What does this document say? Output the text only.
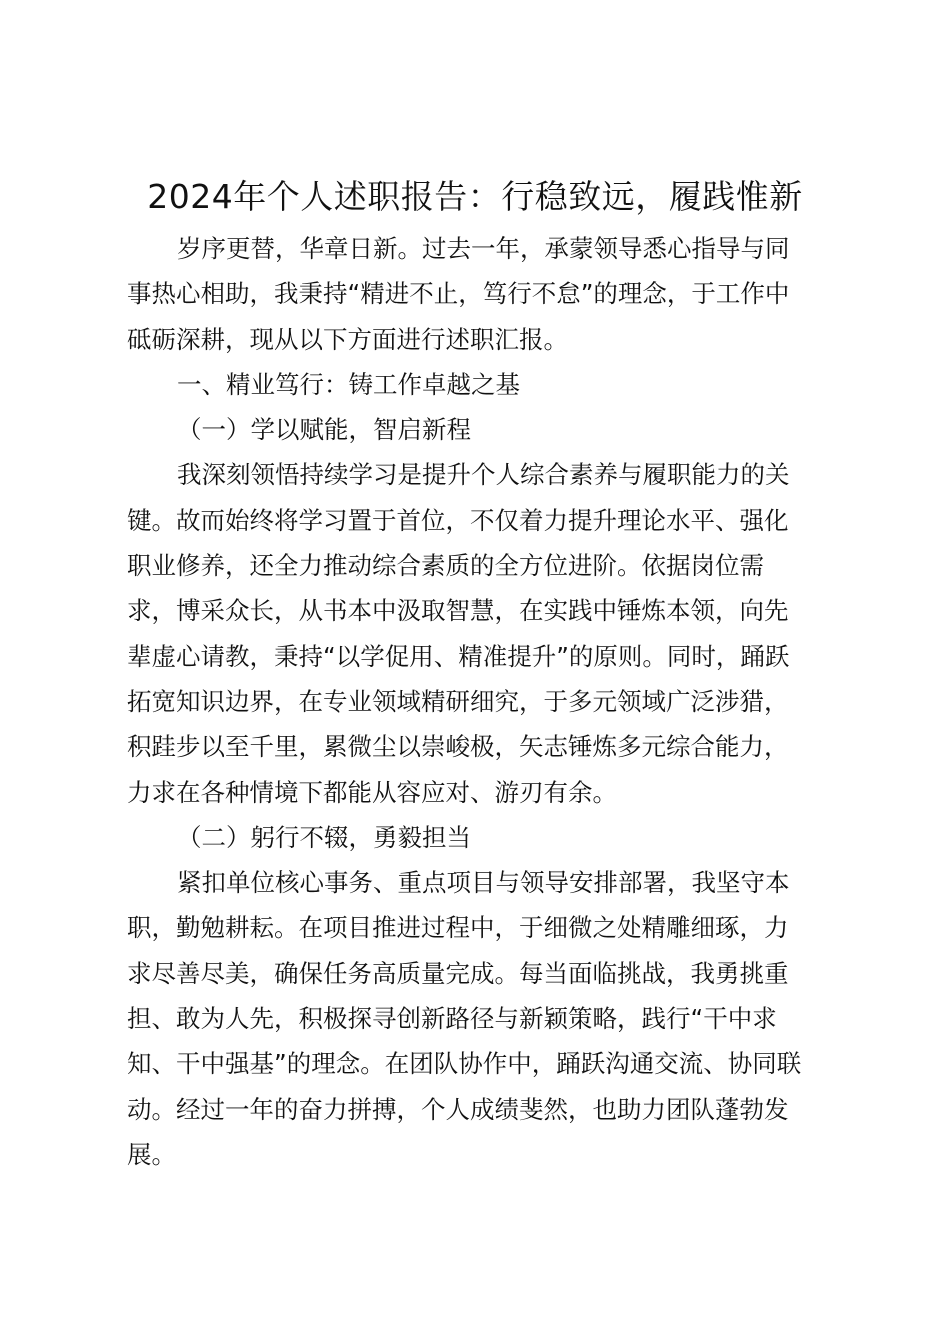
2024年个人述职报告：行稳致远，履践惟新

岁序更替，华章日新。过去一年，承蒙领导悉心指导与同

事热心相助，我秉持“精进不止，笃行不怠”的理念，于工作中

砥砺深耕，现从以下方面进行述职汇报。

一、精业笃行：铸工作卓越之基

（一）学以赋能，智启新程

我深刻领悟持续学习是提升个人综合素养与履职能力的关

键。故而始终将学习置于首位，不仅着力提升理论水平、强化

职业修养，还全力推动综合素质的全方位进阶。依据岗位需

求，博采众长，从书本中汲取智慧，在实践中锤炼本领，向先

辈虚心请教，秉持“以学促用、精准提升”的原则。同时，踊跃

拓宽知识边界，在专业领域精研细究，于多元领域广泛涉猎，

积跬步以至千里，累微尘以崇峻极，矢志锤炼多元综合能力，

力求在各种情境下都能从容应对、游刃有余。

（二）躬行不辍，勇毅担当

紧扣单位核心事务、重点项目与领导安排部署，我坚守本

职，勤勉耕耘。在项目推进过程中，于细微之处精雕细琢，力

求尽善尽美，确保任务高质量完成。每当面临挑战，我勇挑重

担、敢为人先，积极探寻创新路径与新颖策略，践行“干中求

知、干中强基”的理念。在团队协作中，踊跃沟通交流、协同联

动。经过一年的奋力拼搏，个人成绩斐然，也助力团队蓬勃发

展。
